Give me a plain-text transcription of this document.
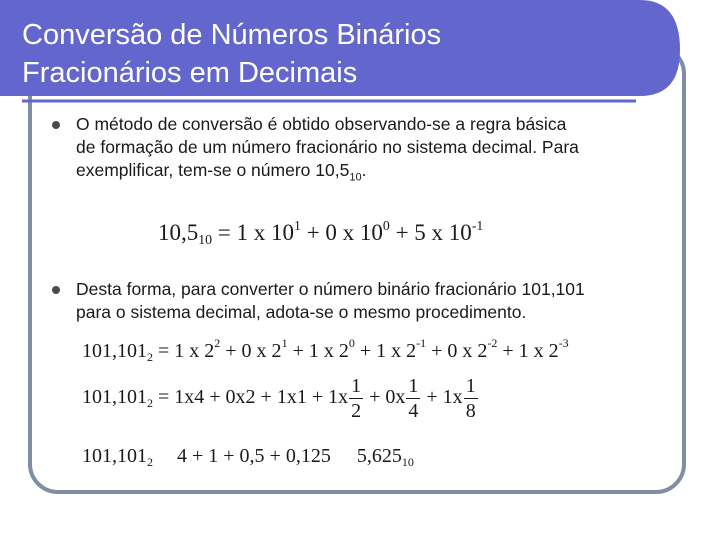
Conversão de Números Binários
Fracionários em Decimais
O método de conversão é obtido observando-se a regra básica
de formação de um número fracionário no sistema decimal. Para
exemplificar, tem-se o número $10,5_{10}$.
$10,5_{10} = 1$ x $10^1 + 0$ x $10^0 + 5$ x $10^{-1}$
Desta forma, para converter o número binário fracionário 101,101
para o sistema decimal, adota-se o mesmo procedimento.
$101,101_2 = 1$ x $2^2 + 0$ x $2^1 + 1$ x $2^0 + 1$ x $2^{-1} + 0$ x $2^{-2} + 1$ x $2^{-3}$
$101,101_2 = 1x4 + 0x2 + 1x1 + 1x \frac{1}{2} + 0x \frac{1}{4} + 1x \frac{1}{8}$
$101,101_2$ 4 + 1 + 0,5 + 0,125 $5,625_{10}$
